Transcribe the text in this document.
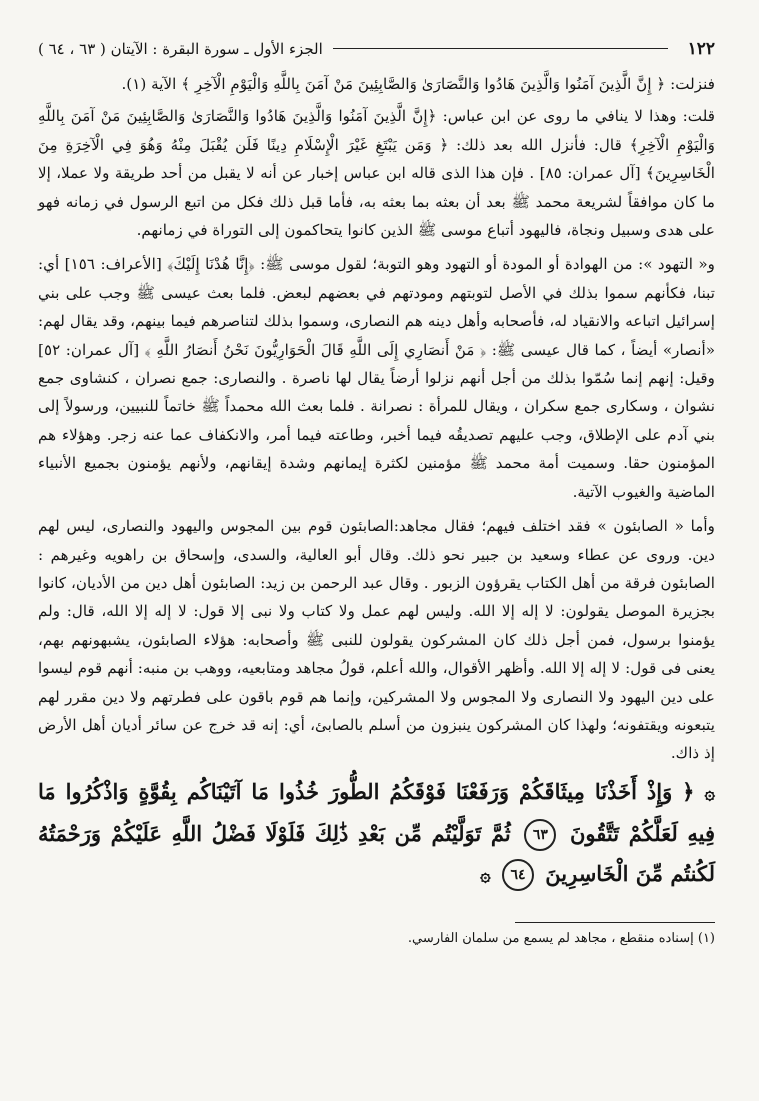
١٢٢
الجزء الأول ـ سورة البقرة : الآيتان ( ٦٣ ، ٦٤ )

فنزلت: ﴿ إِنَّ الَّذِينَ آمَنُوا وَالَّذِينَ هَادُوا وَالنَّصَارَىٰ وَالصَّابِئِينَ مَنْ آمَنَ بِاللَّهِ وَالْيَوْمِ الْآخِرِ ﴾ الآية (١).

قلت: وهذا لا ينافي ما روى عن ابن عباس: ﴿إِنَّ الَّذِينَ آمَنُوا وَالَّذِينَ هَادُوا وَالنَّصَارَىٰ وَالصَّابِئِينَ مَنْ آمَنَ بِاللَّهِ وَالْيَوْمِ الْآخِرِ﴾ قال: فأنزل الله بعد ذلك: ﴿ وَمَن يَبْتَغِ غَيْرَ الْإِسْلَامِ دِينًا فَلَن يُقْبَلَ مِنْهُ وَهُوَ فِي الْآخِرَةِ مِنَ الْخَاسِرِينَ﴾ [آل عمران: ٨٥] . فإن هذا الذى قاله ابن عباس إخبار عن أنه لا يقبل من أحد طريقة ولا عملا، إلا ما كان موافقاً لشريعة محمد ﷺ بعد أن بعثه بما بعثه به، فأما قبل ذلك فكل من اتبع الرسول في زمانه فهو على هدى وسبيل ونجاة، فاليهود أتباع موسى ﷺ الذين كانوا يتحاكمون إلى التوراة في زمانهم.

و« التهود »: من الهوادة أو المودة أو التهود وهو التوبة؛ لقول موسى ﷺ: ﴿إِنَّا هُدْنَا إِلَيْكَ﴾ [الأعراف: ١٥٦] أي: تبنا، فكأنهم سموا بذلك في الأصل لتوبتهم ومودتهم في بعضهم لبعض. فلما بعث عيسى ﷺ وجب على بني إسرائيل اتباعه والانقياد له، فأصحابه وأهل دينه هم النصارى، وسموا بذلك لتناصرهم فيما بينهم، وقد يقال لهم: «أنصار» أيضاً ، كما قال عيسى ﷺ: ﴿ مَنْ أَنصَارِي إِلَى اللَّهِ قَالَ الْحَوَارِيُّونَ نَحْنُ أَنصَارُ اللَّهِ ﴾ [آل عمران: ٥٢] وقيل: إنهم إنما سُمّوا بذلك من أجل أنهم نزلوا أرضاً يقال لها ناصرة . والنصارى: جمع نصران ، كنشاوى جمع نشوان ، وسكارى جمع سكران ، ويقال للمرأة : نصرانة . فلما بعث الله محمداً ﷺ خاتماً للنبيين، ورسولاً إلى بني آدم على الإطلاق، وجب عليهم تصديقُه فيما أخبر، وطاعته فيما أمر، والانكفاف عما عنه زجر. وهؤلاء هم المؤمنون حقا. وسميت أمة محمد ﷺ مؤمنين لكثرة إيمانهم وشدة إيقانهم، ولأنهم يؤمنون بجميع الأنبياء الماضية والغيوب الآتية.

وأما « الصابئون » فقد اختلف فيهم؛ فقال مجاهد:الصابئون قوم بين المجوس واليهود والنصارى، ليس لهم دين. وروى عن عطاء وسعيد بن جبير نحو ذلك. وقال أبو العالية، والسدى، وإسحاق بن راهويه وغيرهم : الصابئون فرقة من أهل الكتاب يقرؤون الزبور . وقال عبد الرحمن بن زيد: الصابئون أهل دين من الأديان، كانوا بجزيرة الموصل يقولون: لا إله إلا الله. وليس لهم عمل ولا كتاب ولا نبى إلا قول: لا إله إلا الله، قال: ولم يؤمنوا برسول، فمن أجل ذلك كان المشركون يقولون للنبى ﷺ وأصحابه: هؤلاء الصابئون، يشبهونهم بهم، يعنى فى قول: لا إله إلا الله. وأظهر الأقوال، والله أعلم، قولُ مجاهد ومتابعيه، ووهب بن منبه: أنهم قوم ليسوا على دين اليهود ولا النصارى ولا المجوس ولا المشركين، وإنما هم قوم باقون على فطرتهم ولا دين مقرر لهم يتبعونه ويقتفونه؛ ولهذا كان المشركون ينبزون من أسلم بالصابئ، أي: إنه قد خرج عن سائر أديان أهل الأرض إذ ذاك.

۞ ﴿ وَإِذْ أَخَذْنَا مِيثَاقَكُمْ وَرَفَعْنَا فَوْقَكُمُ الطُّورَ خُذُوا مَا آتَيْنَاكُم بِقُوَّةٍ وَاذْكُرُوا مَا فِيهِ لَعَلَّكُمْ تَتَّقُونَ ٦٣ ثُمَّ تَوَلَّيْتُم مِّن بَعْدِ ذَٰلِكَ فَلَوْلَا فَضْلُ اللَّهِ عَلَيْكُمْ وَرَحْمَتُهُ لَكُنتُم مِّنَ الْخَاسِرِينَ ٦٤ ۞
(١) إسناده منقطع ، مجاهد لم يسمع من سلمان الفارسي.
